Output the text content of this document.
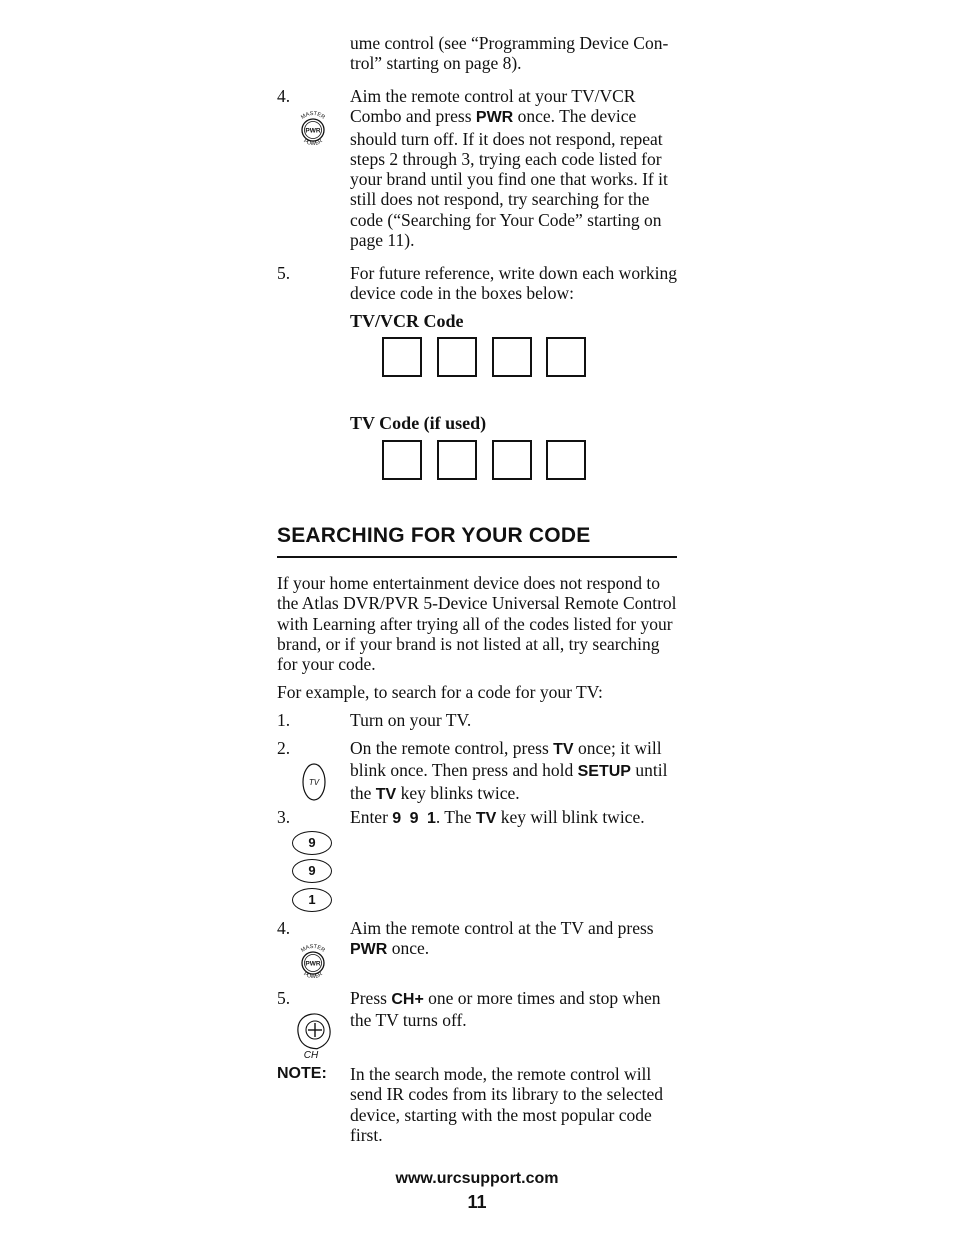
ume control (see “Programming Device Con-
trol” starting on page 8).
4.
MASTER
PWR
POWER
Aim the remote control at your TV/VCR
Combo and press PWR once. The device
should turn off. If it does not respond, repeat
steps 2 through 3, trying each code listed for
your brand until you find one that works. If it
still does not respond, try searching for the
code (“Searching for Your Code” starting on
page 11).
5.	For future reference, write down each working
device code in the boxes below:
TV/VCR Code
TV Code (if used)
SEARCHING FOR YOUR CODE
If your home entertainment device does not respond to
the Atlas DVR/PVR 5-Device Universal Remote Control
with Learning after trying all of the codes listed for your
brand, or if your brand is not listed at all, try searching
for your code.
For example, to search for a code for your TV:
1.	Turn on your TV.
2.
TV
On the remote control, press TV once; it will
blink once. Then press and hold SETUP until
the TV key blinks twice.
3.
9
9
1
Enter 9 9 1. The TV key will blink twice.
4.
MASTER
PWR
POWER
Aim the remote control at the TV and press
PWR once.
5.
CH
Press CH+ one or more times and stop when
the TV turns off.
NOTE: In the search mode, the remote control will
send IR codes from its library to the selected
device, starting with the most popular code
first.
www.urcsupport.com
11
